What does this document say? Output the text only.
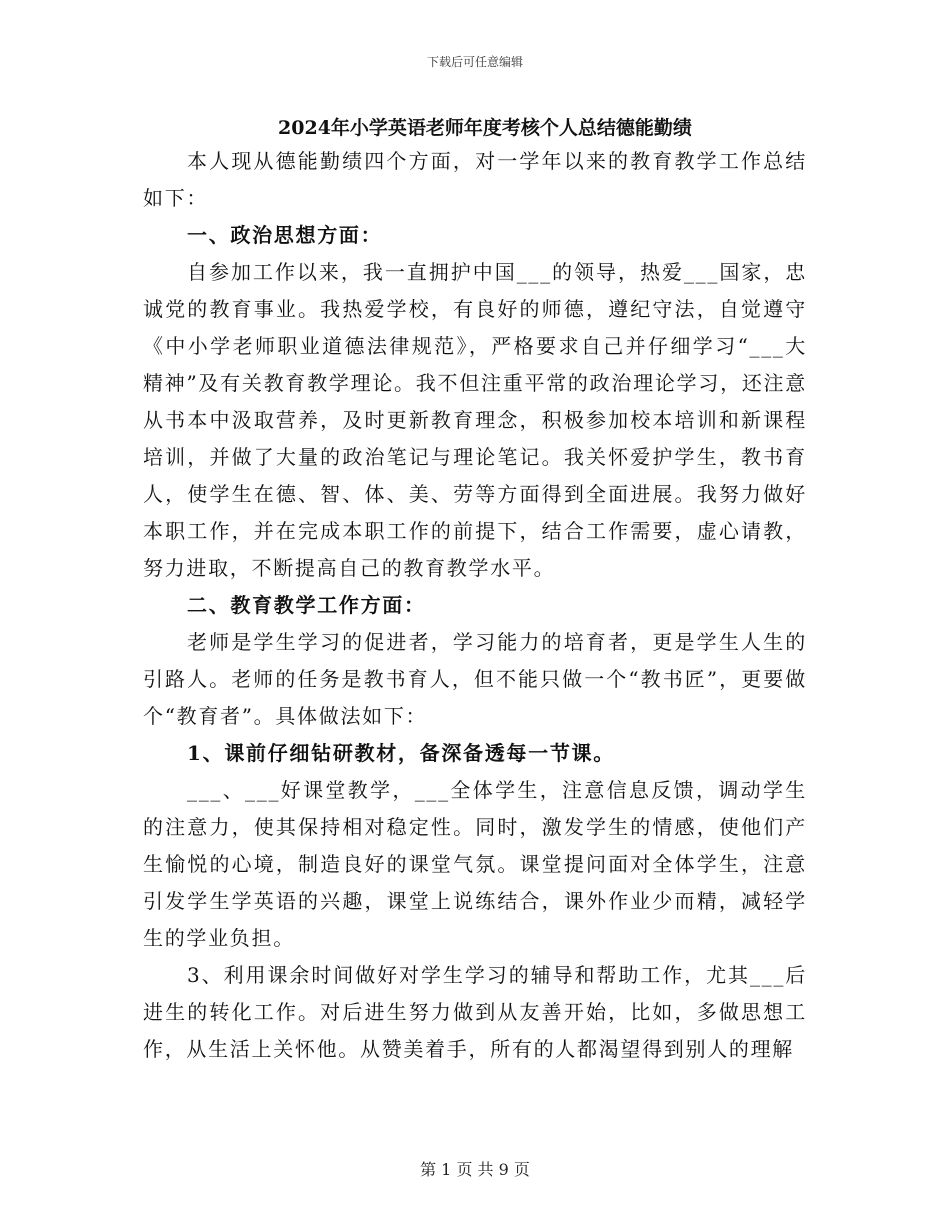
下载后可任意编辑
2024年小学英语老师年度考核个人总结德能勤绩

本人现从德能勤绩四个方面，对一学年以来的教育教学工作总结如下：

一、政治思想方面：

自参加工作以来，我一直拥护中国___的领导，热爱___国家，忠诚党的教育事业。我热爱学校，有良好的师德，遵纪守法，自觉遵守《中小学老师职业道德法律规范》，严格要求自己并仔细学习“___大精神”及有关教育教学理论。我不但注重平常的政治理论学习，还注意从书本中汲取营养，及时更新教育理念，积极参加校本培训和新课程培训，并做了大量的政治笔记与理论笔记。我关怀爱护学生，教书育人，使学生在德、智、体、美、劳等方面得到全面进展。我努力做好本职工作，并在完成本职工作的前提下，结合工作需要，虚心请教，努力进取，不断提高自己的教育教学水平。

二、教育教学工作方面：

老师是学生学习的促进者，学习能力的培育者，更是学生人生的引路人。老师的任务是教书育人，但不能只做一个“教书匠”，更要做个“教育者”。具体做法如下：

1、课前仔细钻研教材，备深备透每一节课。

___、___好课堂教学，___全体学生，注意信息反馈，调动学生的注意力，使其保持相对稳定性。同时，激发学生的情感，使他们产生愉悦的心境，制造良好的课堂气氛。课堂提问面对全体学生，注意引发学生学英语的兴趣，课堂上说练结合，课外作业少而精，减轻学生的学业负担。

3、利用课余时间做好对学生学习的辅导和帮助工作，尤其___后进生的转化工作。对后进生努力做到从友善开始，比如，多做思想工作，从生活上关怀他。从赞美着手，所有的人都渴望得到别人的理解

第 1 页 共 9 页
